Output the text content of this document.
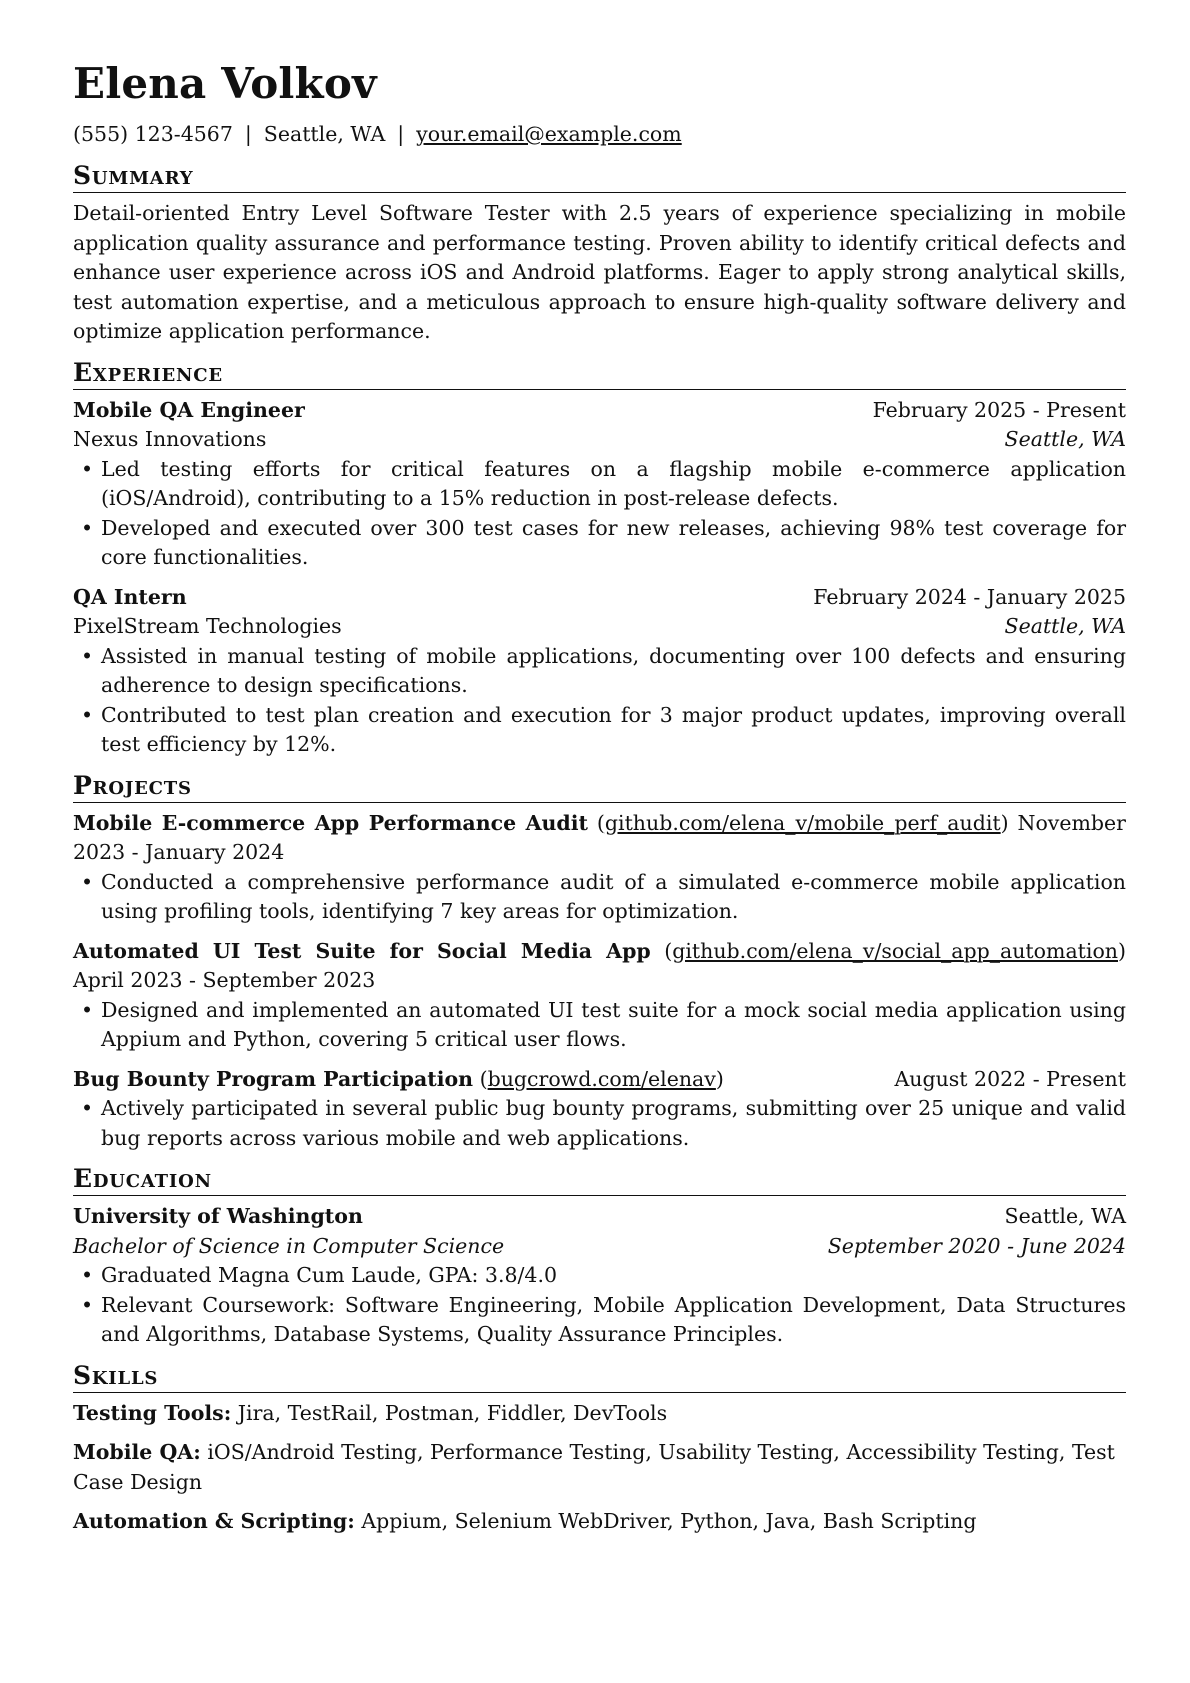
Elena Volkov
(555) 123-4567 | Seattle, WA | your.email@example.com
Summary

Detail-oriented Entry Level Software Tester with 2.5 years of experience specializing in mobile application quality assurance and performance testing. Proven ability to identify critical defects and enhance user experience across iOS and Android platforms. Eager to apply strong analytical skills, test automation expertise, and a meticulous approach to ensure high-quality software delivery and optimize application performance.

Experience
Mobile QA Engineer	February 2025 - Present
Nexus Innovations	Seattle, WA
• Led testing efforts for critical features on a flagship mobile e-commerce application (iOS/Android), contributing to a 15% reduction in post-release defects.
• Developed and executed over 300 test cases for new releases, achieving 98% test coverage for core functionalities.
QA Intern	February 2024 - January 2025
PixelStream Technologies	Seattle, WA
• Assisted in manual testing of mobile applications, documenting over 100 defects and ensuring adherence to design specifications.
• Contributed to test plan creation and execution for 3 major product updates, improving overall test efficiency by 12%.
Projects
Mobile E-commerce App Performance Audit (github.com/elena_v/mobile_perf_audit) November 2023 - January 2024
• Conducted a comprehensive performance audit of a simulated e-commerce mobile application using profiling tools, identifying 7 key areas for optimization.
Automated UI Test Suite for Social Media App (github.com/elena_v/social_app_automation) April 2023 - September 2023
• Designed and implemented an automated UI test suite for a mock social media application using Appium and Python, covering 5 critical user flows.
Bug Bounty Program Participation (bugcrowd.com/elenav)	August 2022 - Present
• Actively participated in several public bug bounty programs, submitting over 25 unique and valid bug reports across various mobile and web applications.
Education
University of Washington	Seattle, WA
Bachelor of Science in Computer Science	September 2020 - June 2024
• Graduated Magna Cum Laude, GPA: 3.8/4.0
• Relevant Coursework: Software Engineering, Mobile Application Development, Data Structures and Algorithms, Database Systems, Quality Assurance Principles.
Skills
Testing Tools: Jira, TestRail, Postman, Fiddler, DevTools
Mobile QA: iOS/Android Testing, Performance Testing, Usability Testing, Accessibility Testing, Test Case Design
Automation & Scripting: Appium, Selenium WebDriver, Python, Java, Bash Scripting
